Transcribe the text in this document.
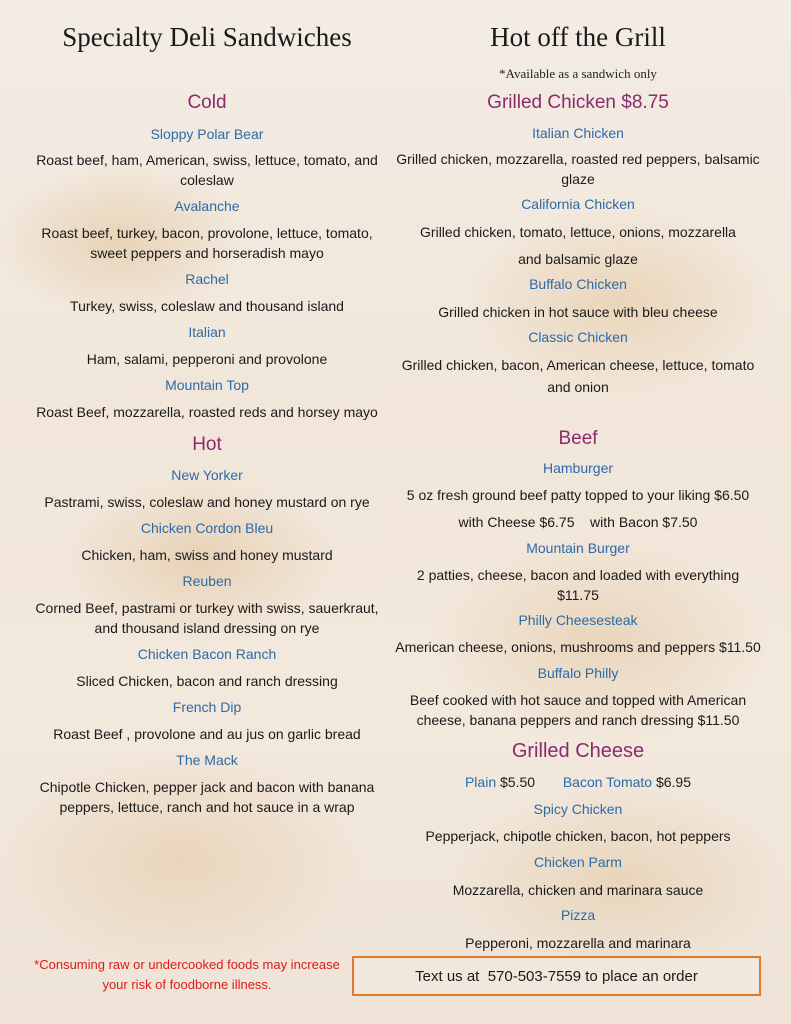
Specialty Deli Sandwiches
Cold
Sloppy Polar Bear
Roast beef, ham, American, swiss, lettuce, tomato, and coleslaw
Avalanche
Roast beef, turkey, bacon, provolone, lettuce, tomato, sweet peppers and horseradish mayo
Rachel
Turkey, swiss, coleslaw and thousand island
Italian
Ham, salami, pepperoni and provolone
Mountain Top
Roast Beef, mozzarella, roasted reds and horsey mayo
Hot
New Yorker
Pastrami, swiss, coleslaw and honey mustard on rye
Chicken Cordon Bleu
Chicken, ham, swiss and honey mustard
Reuben
Corned Beef, pastrami or turkey with swiss, sauerkraut, and thousand island dressing on rye
Chicken Bacon Ranch
Sliced Chicken, bacon and ranch dressing
French Dip
Roast Beef , provolone and au jus on garlic bread
The Mack
Chipotle Chicken, pepper jack and bacon with banana peppers, lettuce, ranch and hot sauce in a wrap
*Consuming raw or undercooked foods may increase your risk of foodborne illness.
Hot off the Grill
*Available as a sandwich only
Grilled Chicken $8.75
Italian Chicken
Grilled chicken, mozzarella, roasted red peppers, balsamic glaze
California Chicken
Grilled chicken, tomato, lettuce, onions, mozzarella
and balsamic glaze
Buffalo Chicken
Grilled chicken in hot sauce with bleu cheese
Classic Chicken
Grilled chicken, bacon, American cheese, lettuce, tomato
and onion
Beef
Hamburger
5 oz fresh ground beef patty topped to your liking $6.50
with Cheese $6.75    with Bacon $7.50
Mountain Burger
2 patties, cheese, bacon and loaded with everything $11.75
Philly Cheesesteak
American cheese, onions, mushrooms and peppers $11.50
Buffalo Philly
Beef cooked with hot sauce and topped with American cheese, banana peppers and ranch dressing $11.50
Grilled Cheese
Plain $5.50 Bacon Tomato $6.95
Spicy Chicken
Pepperjack, chipotle chicken, bacon, hot peppers
Chicken Parm
Mozzarella, chicken and marinara sauce
Pizza
Pepperoni, mozzarella and marinara
Text us at  570-503-7559 to place an order
